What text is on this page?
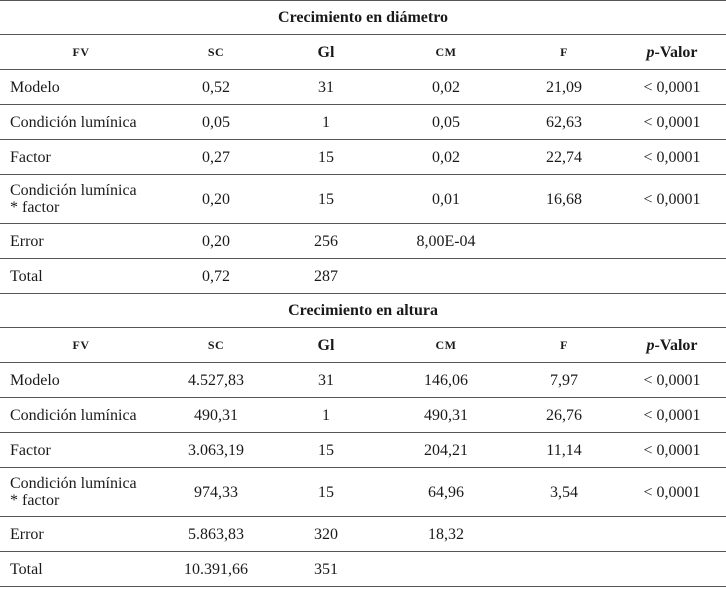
Crecimiento en diámetro					
FV	SC	Gl	CM	F	p-Valor
Modelo	0,52	31	0,02	21,09	< 0,0001
Condición lumínica	0,05	1	0,05	62,63	< 0,0001
Factor	0,27	15	0,02	22,74	< 0,0001
Condición lumínica
* factor	0,20	15	0,01	16,68	< 0,0001
Error	0,20	256	8,00E-04		
Total	0,72	287			
Crecimiento en altura					
FV	SC	Gl	CM	F	p-Valor
Modelo	4.527,83	31	146,06	7,97	< 0,0001
Condición lumínica	490,31	1	490,31	26,76	< 0,0001
Factor	3.063,19	15	204,21	11,14	< 0,0001
Condición lumínica
* factor	974,33	15	64,96	3,54	< 0,0001
Error	5.863,83	320	18,32		
Total	10.391,66	351			
